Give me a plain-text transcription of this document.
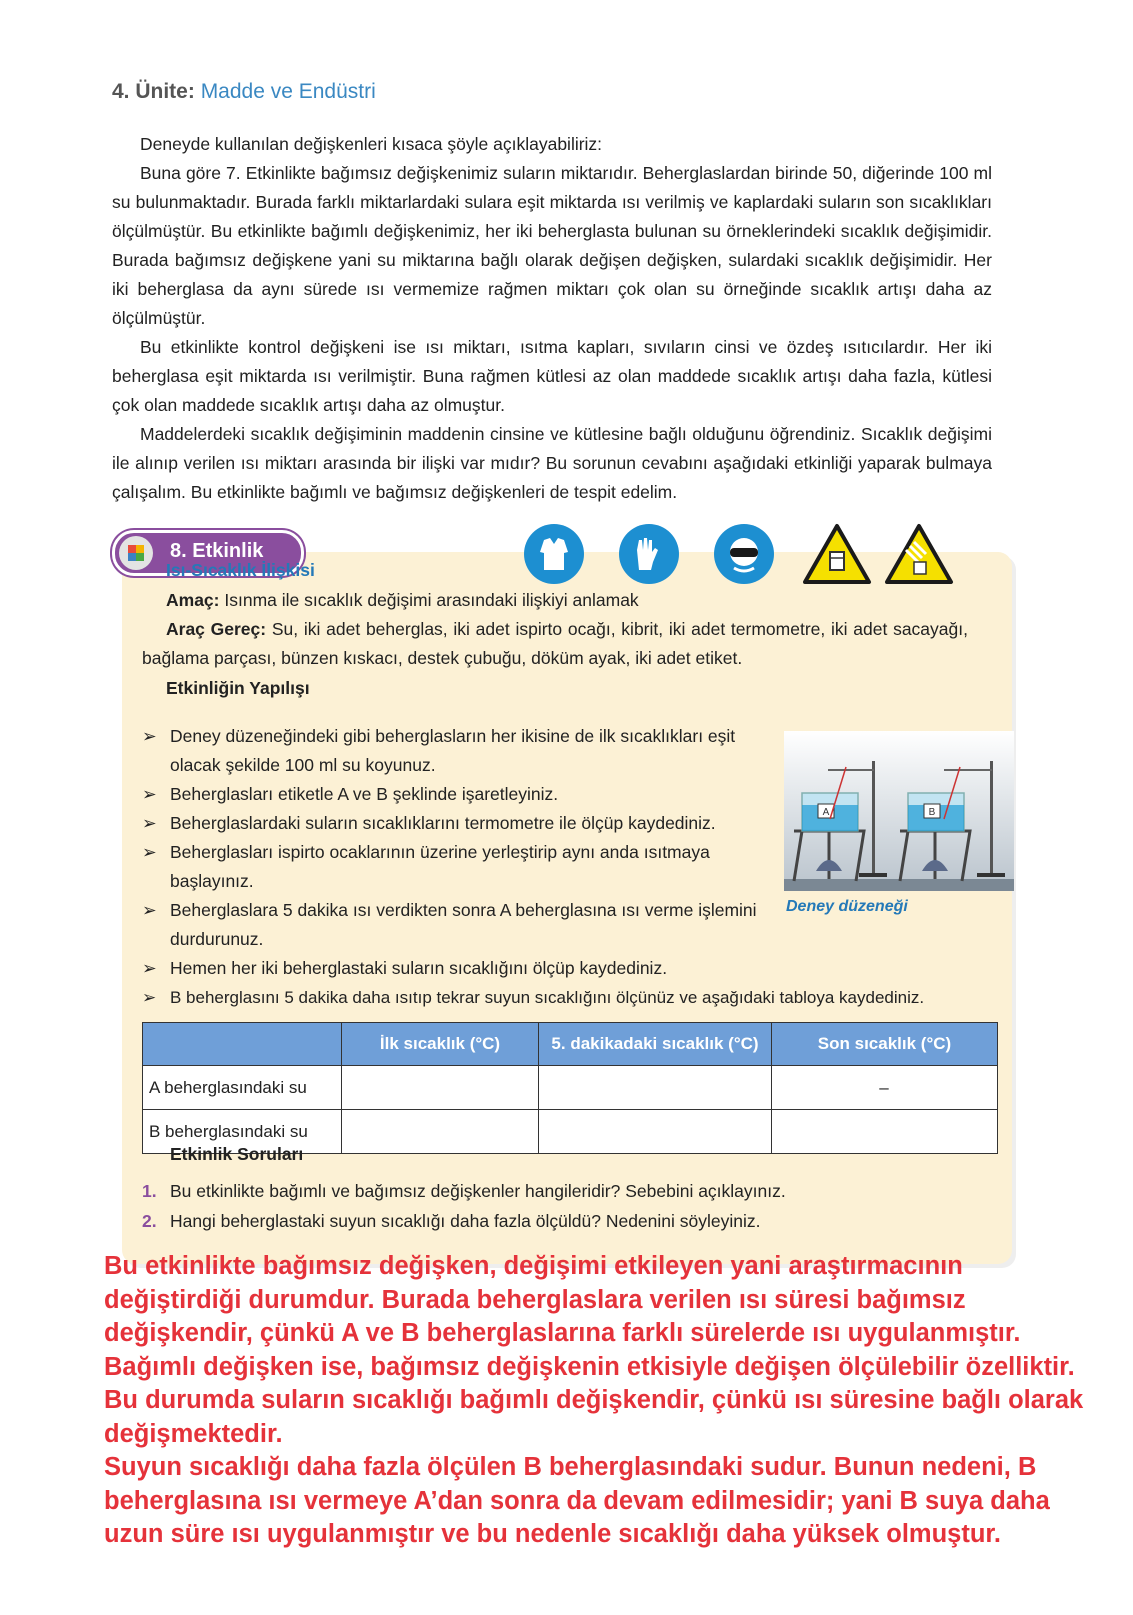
4. Ünite: Madde ve Endüstri

Deneyde kullanılan değişkenleri kısaca şöyle açıklayabiliriz:

Buna göre 7. Etkinlikte bağımsız değişkenimiz suların miktarıdır. Beherglaslardan birinde 50, diğerinde 100 ml su bulunmaktadır. Burada farklı miktarlardaki sulara eşit miktarda ısı verilmiş ve kaplardaki suların son sıcaklıkları ölçülmüştür. Bu etkinlikte bağımlı değişkenimiz, her iki beherglasta bulunan su örneklerindeki sıcaklık değişimidir. Burada bağımsız değişkene yani su miktarına bağlı olarak değişen değişken, sulardaki sıcaklık değişimidir. Her iki beherglasa da aynı sürede ısı vermemize rağmen miktarı çok olan su örneğinde sıcaklık artışı daha az ölçülmüştür.

Bu etkinlikte kontrol değişkeni ise ısı miktarı, ısıtma kapları, sıvıların cinsi ve özdeş ısıtıcılardır. Her iki beherglasa eşit miktarda ısı verilmiştir. Buna rağmen kütlesi az olan maddede sıcaklık artışı daha fazla, kütlesi çok olan maddede sıcaklık artışı daha az olmuştur.

Maddelerdeki sıcaklık değişiminin maddenin cinsine ve kütlesine bağlı olduğunu öğrendiniz. Sıcaklık değişimi ile alınıp verilen ısı miktarı arasında bir ilişki var mıdır? Bu sorunun cevabını aşağıdaki etkinliği yaparak bulmaya çalışalım. Bu etkinlikte bağımlı ve bağımsız değişkenleri de tespit edelim.

8. Etkinlik
Isı-Sıcaklık İlişkisi
Amaç: Isınma ile sıcaklık değişimi arasındaki ilişkiyi anlamak
Araç Gereç: Su, iki adet beherglas, iki adet ispirto ocağı, kibrit, iki adet termometre, iki adet sacayağı, bağlama parçası, bünzen kıskacı, destek çubuğu, döküm ayak, iki adet etiket.
Etkinliğin Yapılışı
➢ Deney düzeneğindeki gibi beherglasların her ikisine de ilk sıcaklıkları eşit olacak şekilde 100 ml su koyunuz.
➢ Beherglasları etiketle A ve B şeklinde işaretleyiniz.
➢ Beherglaslardaki suların sıcaklıklarını termometre ile ölçüp kaydediniz.
➢ Beherglasları ispirto ocaklarının üzerine yerleştirip aynı anda ısıtmaya başlayınız.
➢ Beherglaslara 5 dakika ısı verdikten sonra A beherglasına ısı verme işlemini durdurunuz.
➢ Hemen her iki beherglastaki suların sıcaklığını ölçüp kaydediniz.
➢ B beherglasını 5 dakika daha ısıtıp tekrar suyun sıcaklığını ölçünüz ve aşağıdaki tabloya kaydediniz.
A	B
Deney düzeneği
	İlk sıcaklık (°C)	5. dakikadaki sıcaklık (°C)	Son sıcaklık (°C)
A beherglasındaki su			–
B beherglasındaki su			
Etkinlik Soruları
1. Bu etkinlikte bağımlı ve bağımsız değişkenler hangileridir? Sebebini açıklayınız.
2. Hangi beherglastaki suyun sıcaklığı daha fazla ölçüldü? Nedenini söyleyiniz.

Bu etkinlikte bağımsız değişken, değişimi etkileyen yani araştırmacının değiştirdiği durumdur. Burada beherglaslara verilen ısı süresi bağımsız değişkendir, çünkü A ve B beherglaslarına farklı sürelerde ısı uygulanmıştır. Bağımlı değişken ise, bağımsız değişkenin etkisiyle değişen ölçülebilir özelliktir. Bu durumda suların sıcaklığı bağımlı değişkendir, çünkü ısı süresine bağlı olarak değişmektedir.

Suyun sıcaklığı daha fazla ölçülen B beherglasındaki sudur. Bunun nedeni, B beherglasına ısı vermeye A’dan sonra da devam edilmesidir; yani B suya daha uzun süre ısı uygulanmıştır ve bu nedenle sıcaklığı daha yüksek olmuştur.
